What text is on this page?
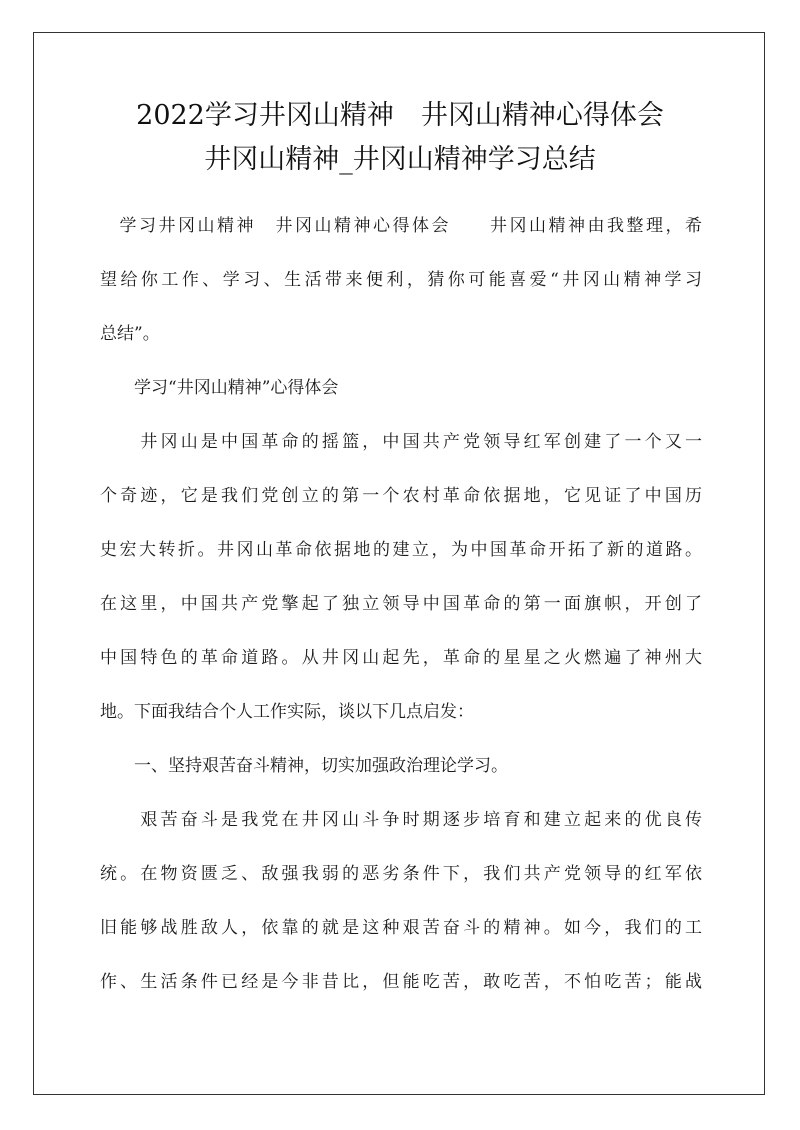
2022学习井冈山精神　井冈山精神心得体会
井冈山精神_井冈山精神学习总结
　学习井冈山精神　井冈山精神心得体会　　井冈山精神由我整理，希
望给你工作、学习、生活带来便利，猜你可能喜爱“井冈山精神学习
总结”。
　　学习“井冈山精神”心得体会
　　井冈山是中国革命的摇篮，中国共产党领导红军创建了一个又一
个奇迹，它是我们党创立的第一个农村革命依据地，它见证了中国历
史宏大转折。井冈山革命依据地的建立，为中国革命开拓了新的道路。
在这里，中国共产党擎起了独立领导中国革命的第一面旗帜，开创了
中国特色的革命道路。从井冈山起先，革命的星星之火燃遍了神州大
地。下面我结合个人工作实际，谈以下几点启发：
　　一、坚持艰苦奋斗精神，切实加强政治理论学习。
　　艰苦奋斗是我党在井冈山斗争时期逐步培育和建立起来的优良传
统。在物资匮乏、敌强我弱的恶劣条件下，我们共产党领导的红军依
旧能够战胜敌人，依靠的就是这种艰苦奋斗的精神。如今，我们的工
作、生活条件已经是今非昔比，但能吃苦，敢吃苦，不怕吃苦；能战
